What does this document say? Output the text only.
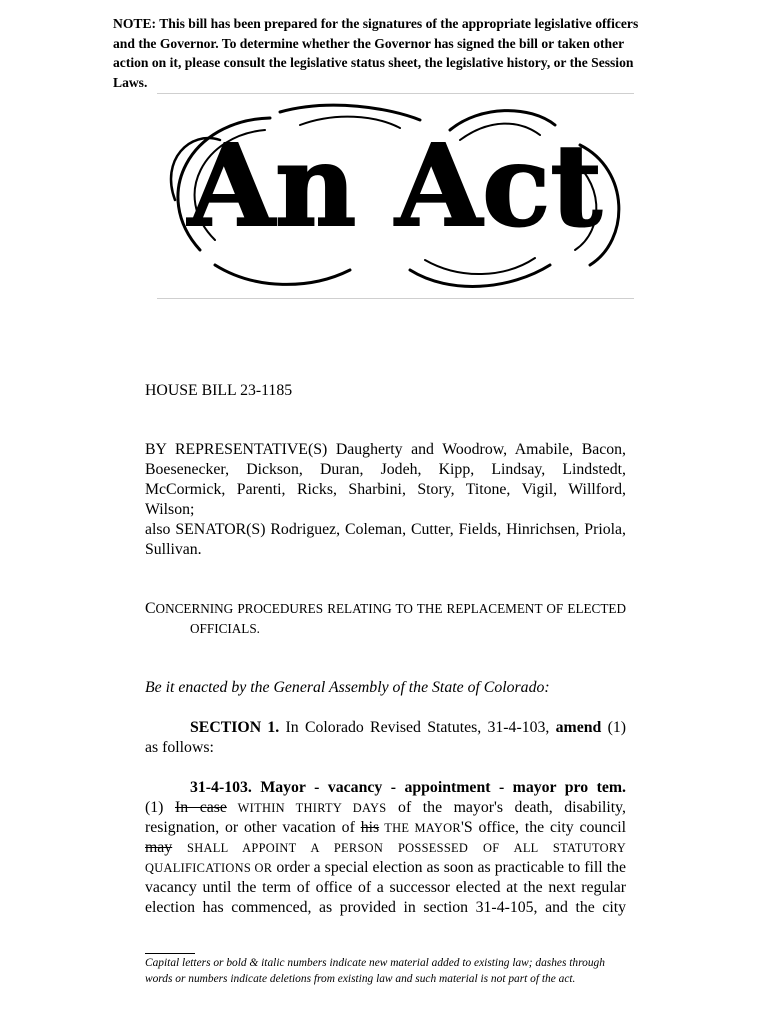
NOTE: This bill has been prepared for the signatures of the appropriate legislative officers and the Governor. To determine whether the Governor has signed the bill or taken other action on it, please consult the legislative status sheet, the legislative history, or the Session Laws.
An Act
HOUSE BILL 23-1185
BY REPRESENTATIVE(S) Daugherty and Woodrow, Amabile, Bacon,
Boesenecker, Dickson, Duran, Jodeh, Kipp, Lindsay, Lindstedt,
McCormick, Parenti, Ricks, Sharbini, Story, Titone, Vigil, Willford,
Wilson;
also SENATOR(S) Rodriguez, Coleman, Cutter, Fields, Hinrichsen, Priola,
Sullivan.
CONCERNING PROCEDURES RELATING TO THE REPLACEMENT OF ELECTED
OFFICIALS.
Be it enacted by the General Assembly of the State of Colorado:
SECTION 1. In Colorado Revised Statutes, 31-4-103, amend (1)
as follows:
31-4-103. Mayor - vacancy - appointment - mayor pro tem.
(1) In case WITHIN THIRTY DAYS of the mayor's death, disability,
resignation, or other vacation of his THE MAYOR'S office, the city council
may SHALL APPOINT A PERSON POSSESSED OF ALL STATUTORY
QUALIFICATIONS OR order a special election as soon as practicable to fill the
vacancy until the term of office of a successor elected at the next regular
election has commenced, as provided in section 31-4-105, and the city
Capital letters or bold & italic numbers indicate new material added to existing law; dashes through words or numbers indicate deletions from existing law and such material is not part of the act.
